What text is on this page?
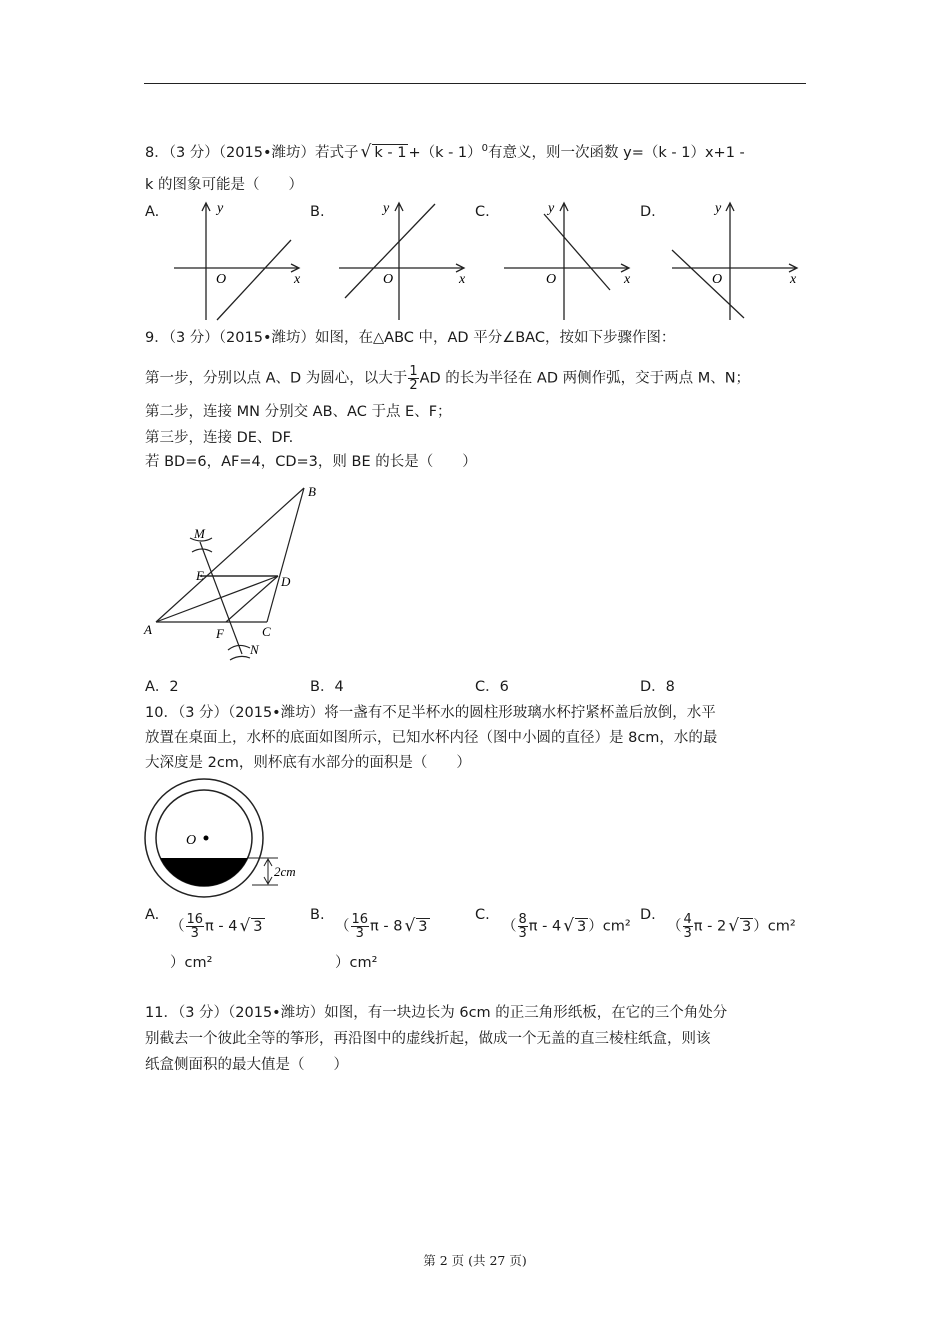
8．（3 分）（2015•潍坊）若式子 √ k - 1 +（k - 1）$^0$有意义，则一次函数 y=（k - 1）x+1 -
k 的图象可能是（　　）
A.	B.	C.	D.
y
O	x
y
O	x
y
O	x
y
O	x
9．（3 分）（2015•潍坊）如图，在△ABC 中，AD 平分∠BAC，按如下步骤作图：
第一步，分别以点 A、D 为圆心，以大于 $\frac{1}{2}$ AD 的长为半径在 AD 两侧作弧，交于两点 M、N；
第二步，连接 MN 分别交 AB、AC 于点 E、F；
第三步，连接 DE、DF.
若 BD=6，AF=4，CD=3，则 BE 的长是（　　）
B
M
E	D
A	F	C
N
A．2	B．4	C．6	D．8
10．（3 分）（2015•潍坊）将一盏有不足半杯水的圆柱形玻璃水杯拧紧杯盖后放倒，水平
放置在桌面上，水杯的底面如图所示，已知水杯内径（图中小圆的直径）是 8cm，水的最
大深度是 2cm，则杯底有水部分的面积是（　　）
O
2cm
A.
（ $\frac{16}{3}$ π - 4 √ 3
）cm²
B.
（ $\frac{16}{3}$ π - 8 √ 3
）cm²
C.
（ $\frac{8}{3}$ π - 4 √ 3 ）cm²
D.
（ $\frac{4}{3}$ π - 2 √ 3 ）cm²
11．（3 分）（2015•潍坊）如图，有一块边长为 6cm 的正三角形纸板，在它的三个角处分
别截去一个彼此全等的筝形，再沿图中的虚线折起，做成一个无盖的直三棱柱纸盒，则该
纸盒侧面积的最大值是（　　）
第 2 页 (共 27 页)
